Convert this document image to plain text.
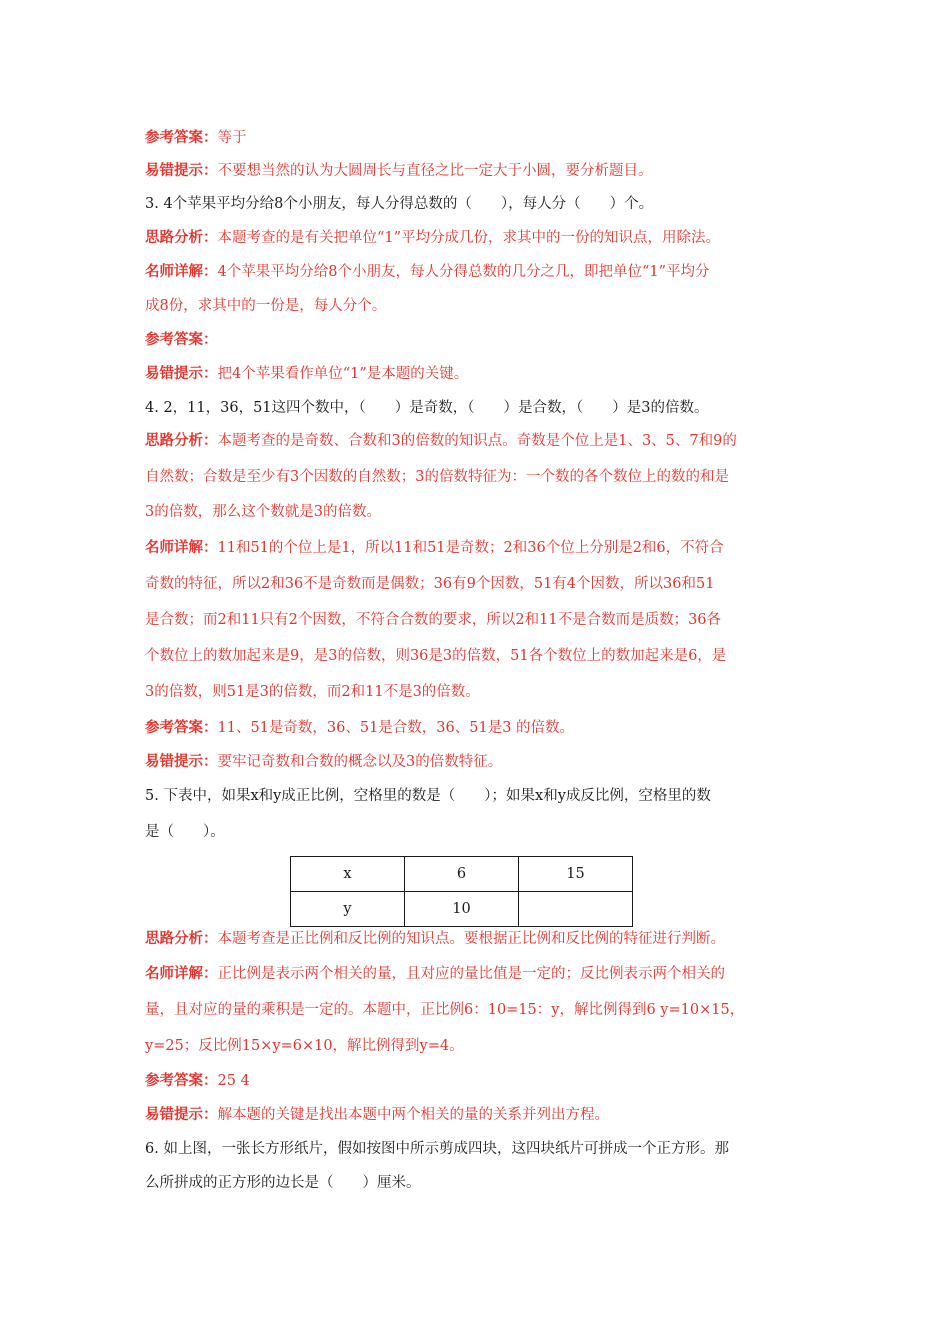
参考答案：等于
易错提示：不要想当然的认为大圆周长与直径之比一定大于小圆，要分析题目。
3. 4个苹果平均分给8个小朋友，每人分得总数的（　　），每人分（　　）个。
思路分析：本题考查的是有关把单位“1”平均分成几份，求其中的一份的知识点，用除法。
名师详解：4个苹果平均分给8个小朋友，每人分得总数的几分之几，即把单位“1”平均分
成8份，求其中的一份是，每人分个。
参考答案：
易错提示：把4个苹果看作单位“1”是本题的关键。
4. 2，11，36，51这四个数中，（　　）是奇数，（　　）是合数，（　　）是3的倍数。
思路分析：本题考查的是奇数、合数和3的倍数的知识点。奇数是个位上是1、3、5、7和9的
自然数；合数是至少有3个因数的自然数；3的倍数特征为：一个数的各个数位上的数的和是
3的倍数，那么这个数就是3的倍数。
名师详解：11和51的个位上是1，所以11和51是奇数；2和36个位上分别是2和6，不符合
奇数的特征，所以2和36不是奇数而是偶数；36有9个因数，51有4个因数，所以36和51
是合数；而2和11只有2个因数，不符合合数的要求，所以2和11不是合数而是质数；36各
个数位上的数加起来是9，是3的倍数，则36是3的倍数，51各个数位上的数加起来是6，是
3的倍数，则51是3的倍数，而2和11不是3的倍数。
参考答案：11、51是奇数，36、51是合数，36、51是3 的倍数。
易错提示：要牢记奇数和合数的概念以及3的倍数特征。
5. 下表中，如果x和y成正比例，空格里的数是（　　）；如果x和y成反比例，空格里的数
是（　　）。
x	6	15
y	10	
思路分析：本题考查是正比例和反比例的知识点。要根据正比例和反比例的特征进行判断。
名师详解：正比例是表示两个相关的量，且对应的量比值是一定的；反比例表示两个相关的
量，且对应的量的乘积是一定的。本题中，正比例6：10=15：y，解比例得到6 y=10×15，
y=25；反比例15×y=6×10，解比例得到y=4。
参考答案：25 4
易错提示：解本题的关键是找出本题中两个相关的量的关系并列出方程。
6. 如上图，一张长方形纸片，假如按图中所示剪成四块，这四块纸片可拼成一个正方形。那
么所拼成的正方形的边长是（　　）厘米。
